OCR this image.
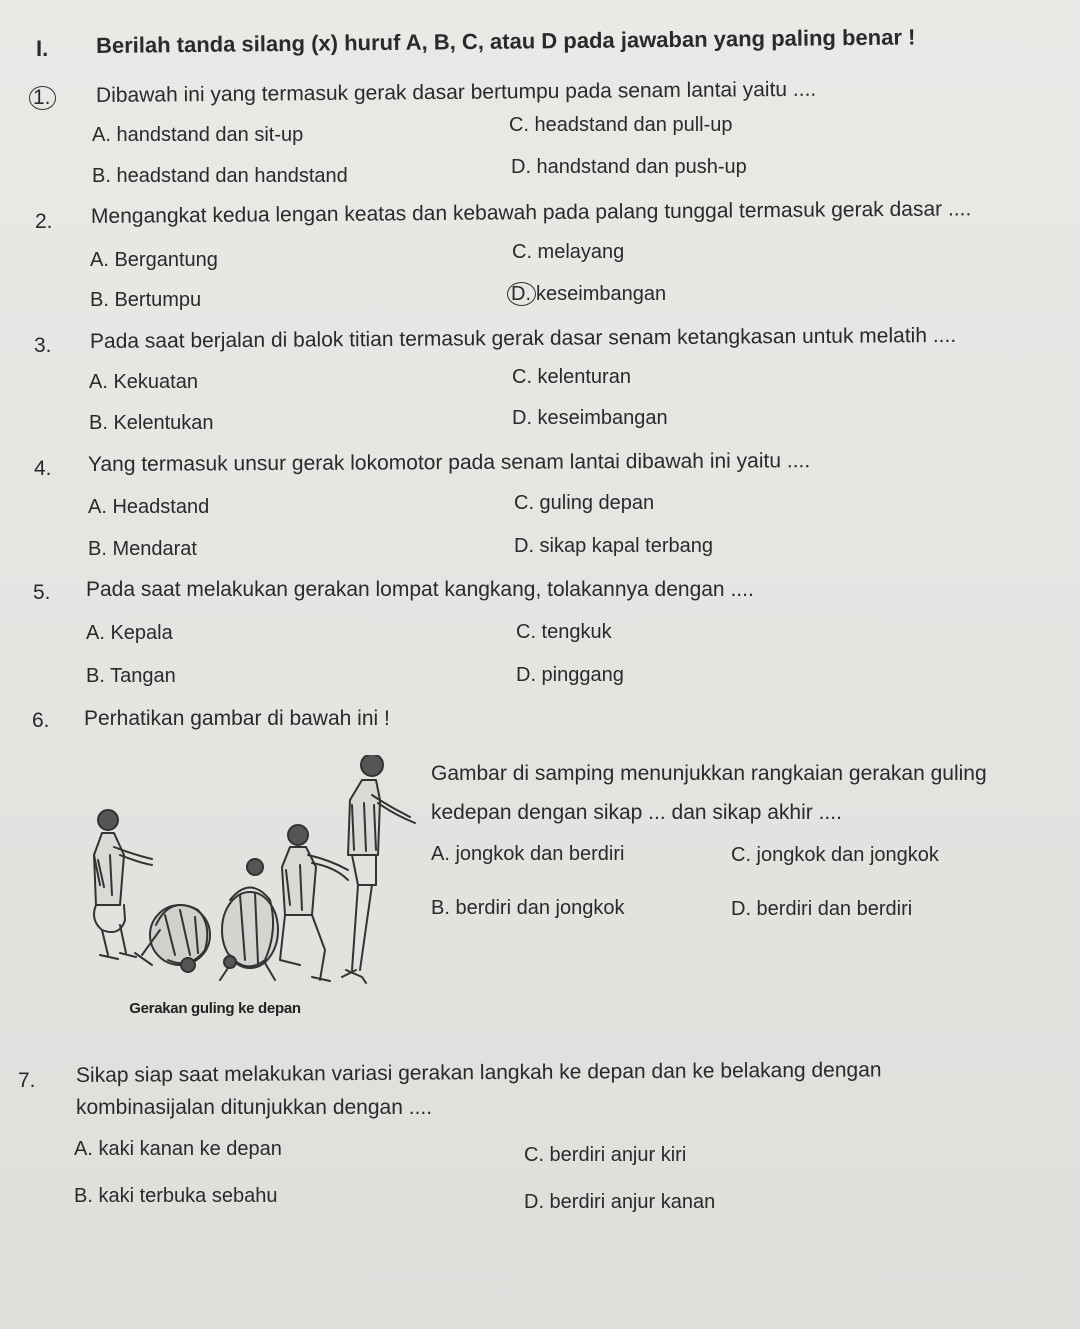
I. Berilah tanda silang (x) huruf A, B, C, atau D pada jawaban yang paling benar !
1. Dibawah ini yang termasuk gerak dasar bertumpu pada senam lantai yaitu ....
A. handstand dan sit-up	C. headstand dan pull-up
B. headstand dan handstand	D. handstand dan push-up
2. Mengangkat kedua lengan keatas dan kebawah pada palang tunggal termasuk gerak dasar ....
A. Bergantung	C. melayang
B. Bertumpu	D. keseimbangan
3. Pada saat berjalan di balok titian termasuk gerak dasar senam ketangkasan untuk melatih ....
A. Kekuatan	C. kelenturan
B. Kelentukan	D. keseimbangan
4. Yang termasuk unsur gerak lokomotor pada senam lantai dibawah ini yaitu ....
A. Headstand	C. guling depan
B. Mendarat	D. sikap kapal terbang
5. Pada saat melakukan gerakan lompat kangkang, tolakannya dengan ....
A. Kepala	C. tengkuk
B. Tangan	D. pinggang
6. Perhatikan gambar di bawah ini !
Gerakan guling ke depan
Gambar di samping menunjukkan rangkaian gerakan guling
kedepan dengan sikap ... dan sikap akhir ....
A. jongkok dan berdiri	C. jongkok dan jongkok
B. berdiri dan jongkok	D. berdiri dan berdiri
7. Sikap siap saat melakukan variasi gerakan langkah ke depan dan ke belakang dengan
kombinasijalan ditunjukkan dengan ....
A. kaki kanan ke depan	C. berdiri anjur kiri
B. kaki terbuka sebahu	D. berdiri anjur kanan
